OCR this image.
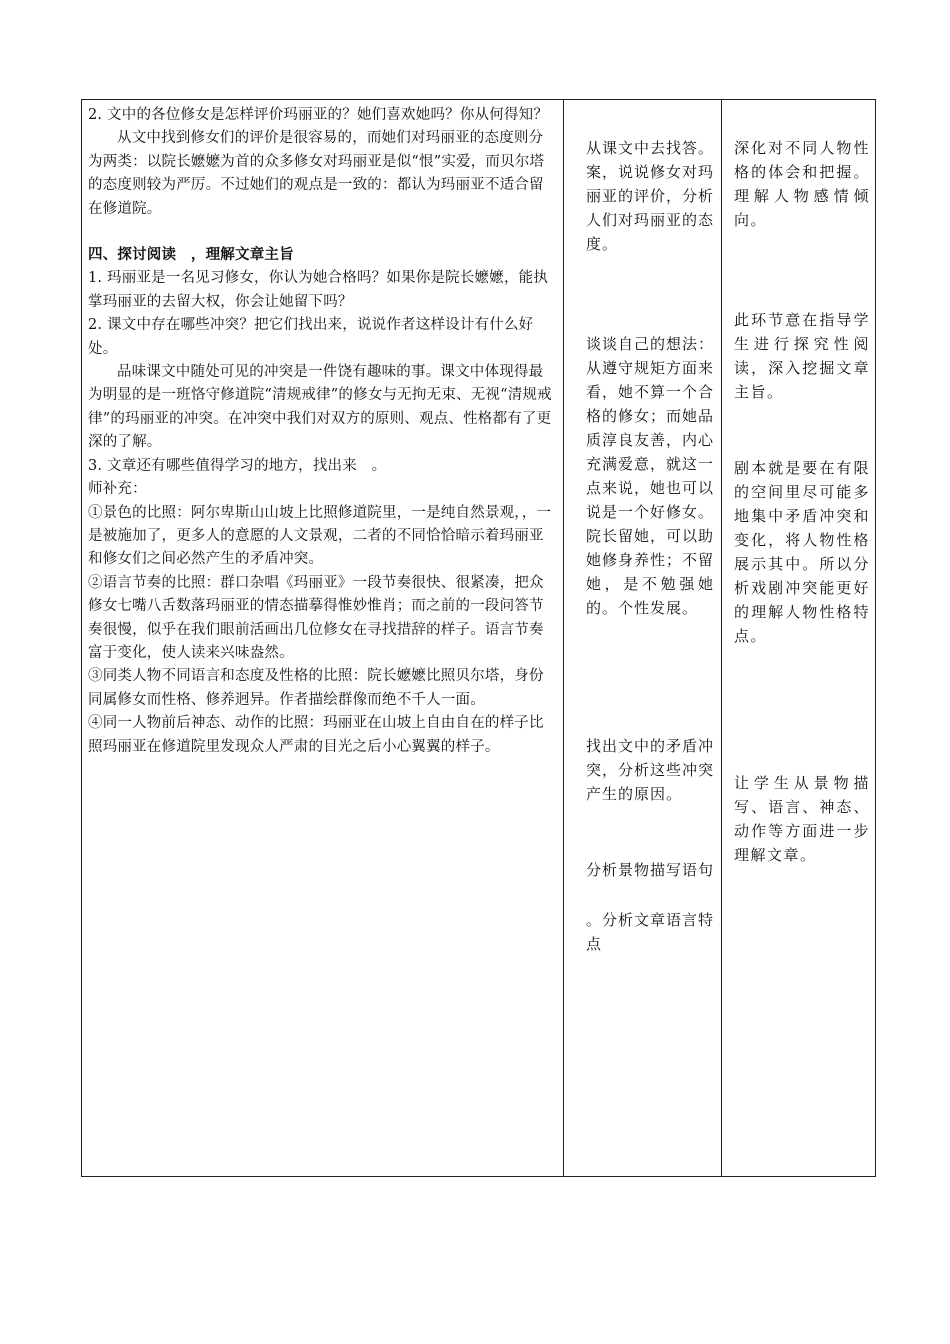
2. 文中的各位修女是怎样评价玛丽亚的？她们喜欢她吗？你从何得知？

从文中找到修女们的评价是很容易的，而她们对玛丽亚的态度则分为两类：以院长嬷嬷为首的众多修女对玛丽亚是似“恨”实爱，而贝尔塔的态度则较为严厉。不过她们的观点是一致的：都认为玛丽亚不适合留在修道院。

四、探讨阅读　，理解文章主旨

1. 玛丽亚是一名见习修女，你认为她合格吗？如果你是院长嬷嬷，能执掌玛丽亚的去留大权，你会让她留下吗？

2. 课文中存在哪些冲突？把它们找出来，说说作者这样设计有什么好处。

品味课文中随处可见的冲突是一件饶有趣味的事。课文中体现得最为明显的是一班恪守修道院“清规戒律”的修女与无拘无束、无视“清规戒律”的玛丽亚的冲突。在冲突中我们对双方的原则、观点、性格都有了更深的了解。

3. 文章还有哪些值得学习的地方，找出来　。

师补充：

①景色的比照：阿尔卑斯山山坡上比照修道院里，一是纯自然景观，，一是被施加了，更多人的意愿的人文景观，二者的不同恰恰暗示着玛丽亚和修女们之间必然产生的矛盾冲突。

②语言节奏的比照：群口杂唱《玛丽亚》一段节奏很快、很紧凑，把众修女七嘴八舌数落玛丽亚的情态描摹得惟妙惟肖；而之前的一段问答节奏很慢，似乎在我们眼前活画出几位修女在寻找措辞的样子。语言节奏富于变化，使人读来兴味盎然。

③同类人物不同语言和态度及性格的比照：院长嬷嬷比照贝尔塔，身份同属修女而性格、修养迥异。作者描绘群像而绝不千人一面。

④同一人物前后神态、动作的比照：玛丽亚在山坡上自由自在的样子比照玛丽亚在修道院里发现众人严肃的目光之后小心翼翼的样子。

从课文中去找答。案，说说修女对玛丽亚的评价，分析人们对玛丽亚的态度。

谈谈自己的想法：从遵守规矩方面来看，她不算一个合格的修女；而她品质淳良友善，内心充满爱意，就这一点来说，她也可以说是一个好修女。院长留她，可以助她修身养性；不留她，是不勉强她的。个性发展。

找出文中的矛盾冲突，分析这些冲突产生的原因。

分析景物描写语句

。分析文章语言特点

深化对不同人物性格的体会和把握。理解人物感情倾向。

此环节意在指导学生进行探究性阅读，深入挖掘文章主旨。

剧本就是要在有限的空间里尽可能多地集中矛盾冲突和变化，将人物性格展示其中。所以分析戏剧冲突能更好的理解人物性格特点。

让学生从景物描写、语言、神态、动作等方面进一步理解文章。
